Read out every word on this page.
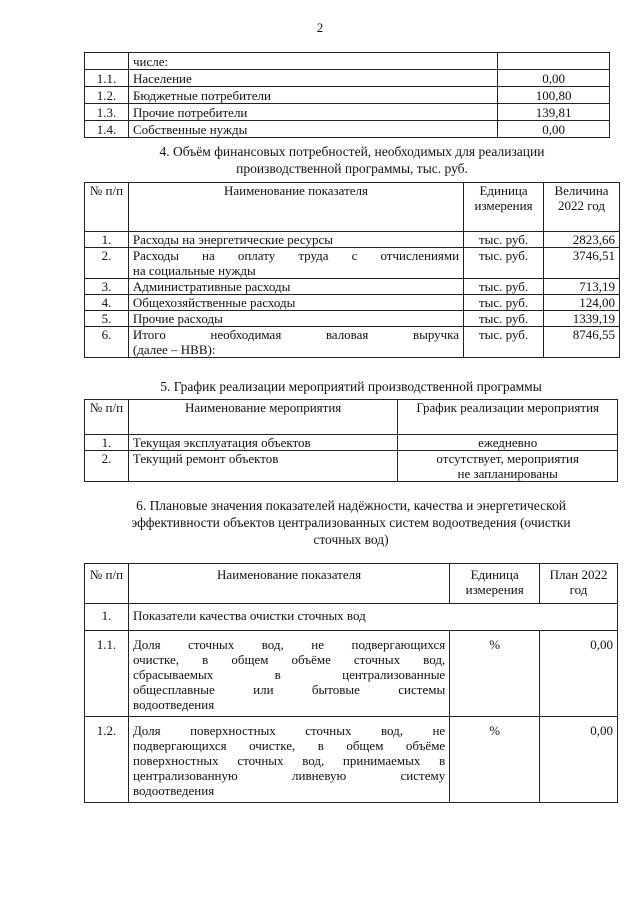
2
	числе:	
1.1.	Население	0,00
1.2.	Бюджетные потребители	100,80
1.3.	Прочие потребители	139,81
1.4.	Собственные нужды	0,00
4. Объём финансовых потребностей, необходимых для реализации
производственной программы, тыс. руб.
№ п/п	Наименование показателя	Единица измерения	Величина 2022 год
1.	Расходы на энергетические ресурсы	тыс. руб.	2823,66
2.	Расходы на оплату труда с отчислениями
на социальные нужды	тыс. руб.	3746,51
3.	Административные расходы	тыс. руб.	713,19
4.	Общехозяйственные расходы	тыс. руб.	124,00
5.	Прочие расходы	тыс. руб.	1339,19
6.	Итого необходимая валовая выручка
(далее – НВВ):	тыс. руб.	8746,55
5. График реализации мероприятий производственной программы
№ п/п	Наименование мероприятия	График реализации мероприятия
1.	Текущая эксплуатация объектов	ежедневно
2.	Текущий ремонт объектов	отсутствует, мероприятия
не запланированы
6. Плановые значения показателей надёжности, качества и энергетической
эффективности объектов централизованных систем водоотведения (очистки
сточных вод)
№ п/п	Наименование показателя	Единица измерения	План 2022 год
1.	Показатели качества очистки сточных вод		
1.1.	Доля сточных вод, не подвергающихся
очистке, в общем объёме сточных вод,
сбрасываемых в централизованные
общесплавные или бытовые системы
водоотведения	%	0,00
1.2.	Доля поверхностных сточных вод, не
подвергающихся очистке, в общем объёме
поверхностных сточных вод, принимаемых в
централизованную ливневую систему
водоотведения	%	0,00
